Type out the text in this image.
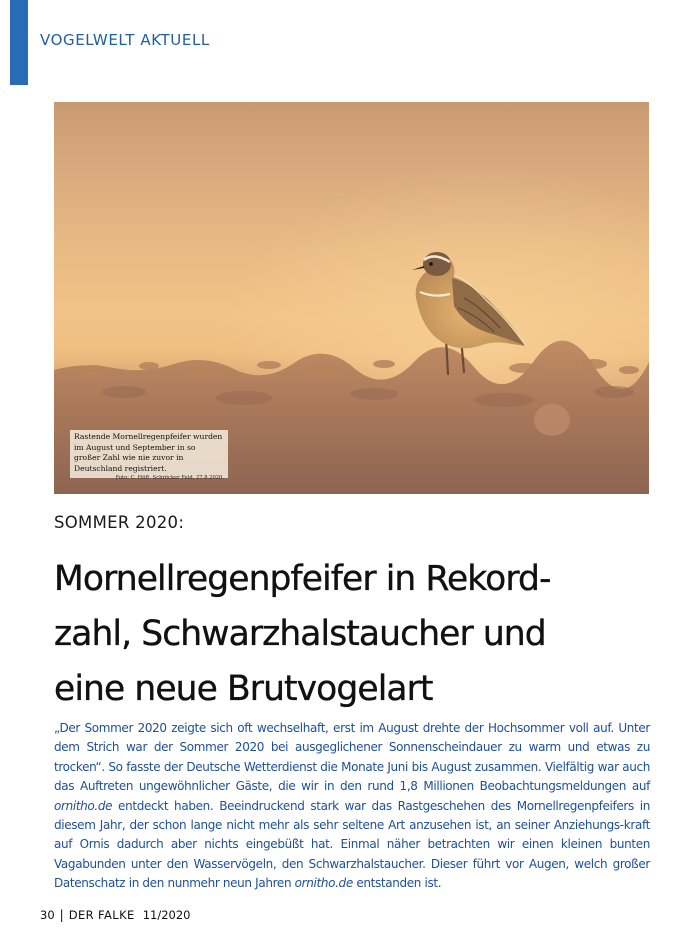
VOGELWELT AKTUELL
Rastende Mornellregenpfeifer wurden im August und September in so großer Zahl wie nie zuvor in Deutschland registriert.
Foto: C. Höft. Schröcker Feld, 27.8.2020.
SOMMER 2020:
Mornellregenpfeifer in Rekord-
zahl, Schwarzhalstaucher und
eine neue Brutvogelart

„Der Sommer 2020 zeigte sich oft wechselhaft, erst im August drehte der Hochsommer voll auf. Unter dem Strich war der Sommer 2020 bei ausgeglichener Sonnenscheindauer zu warm und etwas zu trocken“. So fasste der Deutsche Wetterdienst die Monate Juni bis August zusammen. Vielfältig war auch das Auftreten ungewöhnlicher Gäste, die wir in den rund 1,8 Millionen Beobachtungsmeldungen auf ornitho.de entdeckt haben. Beeindruckend stark war das Rastgeschehen des Mornellregenpfeifers in diesem Jahr, der schon lange nicht mehr als sehr seltene Art anzusehen ist, an seiner Anziehungs-kraft auf Ornis dadurch aber nichts eingebüßt hat. Einmal näher betrachten wir einen kleinen bunten Vagabunden unter den Wasservögeln, den Schwarzhalstaucher. Dieser führt vor Augen, welch großer Datenschatz in den nunmehr neun Jahren ornitho.de entstanden ist.

30 | DER FALKE 11/2020
